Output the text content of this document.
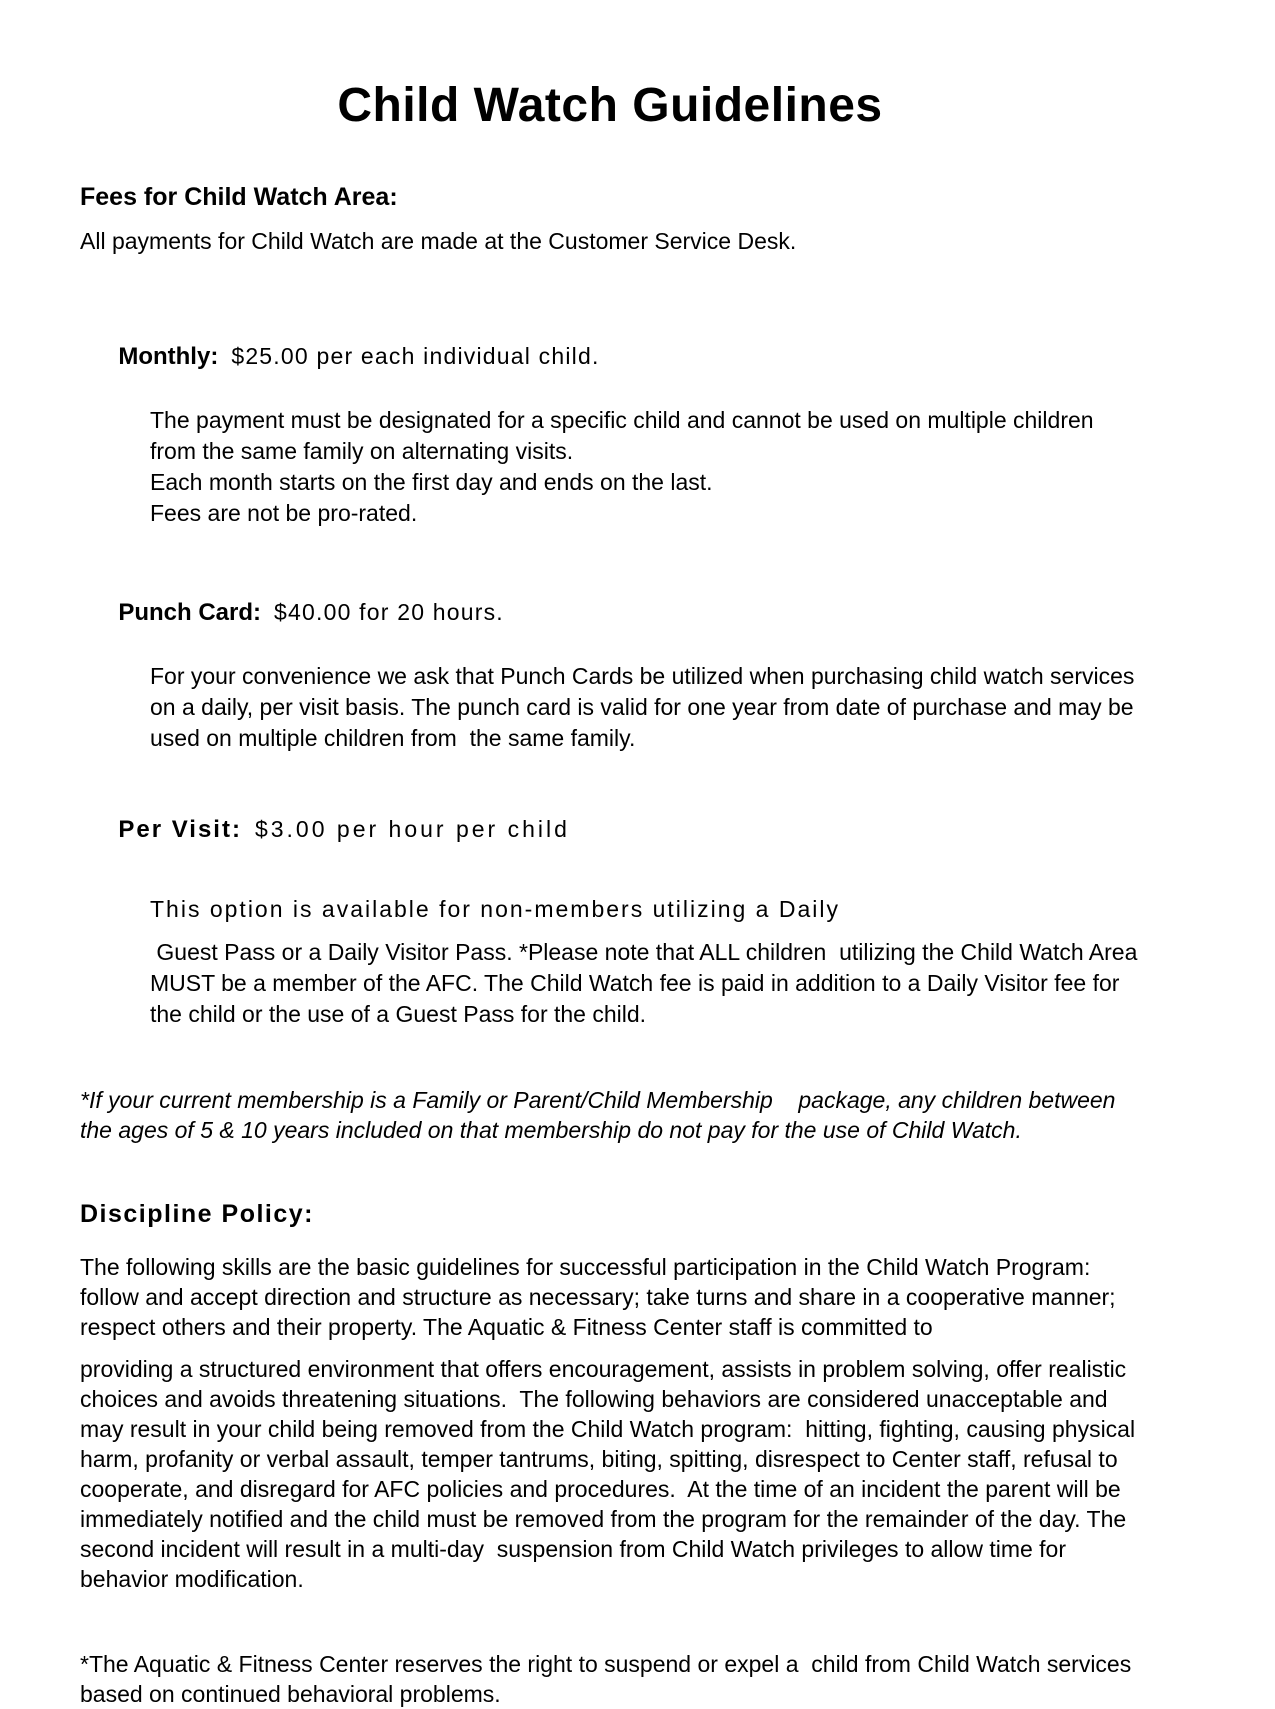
Child Watch Guidelines

Fees for Child Watch Area:

All payments for Child Watch are made at the Customer Service Desk.

Monthly: $25.00 per each individual child.

The payment must be designated for a specific child and cannot be used on multiple children from the same family on alternating visits.

Each month starts on the first day and ends on the last.

Fees are not be pro-rated.

Punch Card: $40.00 for 20 hours.

For your convenience we ask that Punch Cards be utilized when purchasing child watch services on a daily, per visit basis. The punch card is valid for one year from date of purchase and may be used on multiple children from  the same family.

Per Visit: $3.00 per hour per child

This option is available for non-members utilizing a Daily

Guest Pass or a Daily Visitor Pass. *Please note that ALL children  utilizing the Child Watch Area MUST be a member of the AFC. The Child Watch fee is paid in addition to a Daily Visitor fee for the child or the use of a Guest Pass for the child.

*If your current membership is a Family or Parent/Child Membership    package, any children between the ages of 5 & 10 years included on that membership do not pay for the use of Child Watch.

Discipline Policy:

The following skills are the basic guidelines for successful participation in the Child Watch Program: follow and accept direction and structure as necessary; take turns and share in a cooperative manner; respect others and their property. The Aquatic & Fitness Center staff is committed to

providing a structured environment that offers encouragement, assists in problem solving, offer realistic choices and avoids threatening situations.  The following behaviors are considered unacceptable and may result in your child being removed from the Child Watch program:  hitting, fighting, causing physical harm, profanity or verbal assault, temper tantrums, biting, spitting, disrespect to Center staff, refusal to cooperate, and disregard for AFC policies and procedures.  At the time of an incident the parent will be immediately notified and the child must be removed from the program for the remainder of the day. The second incident will result in a multi-day  suspension from Child Watch privileges to allow time for behavior modification.

*The Aquatic & Fitness Center reserves the right to suspend or expel a  child from Child Watch services based on continued behavioral problems.
